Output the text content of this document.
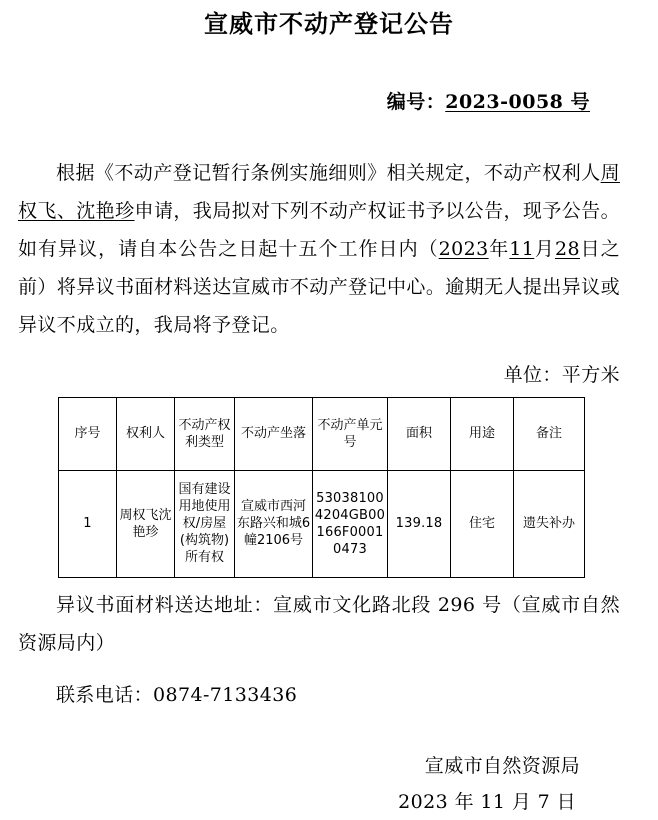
宣威市不动产登记公告

编号：2023-0058 号

根据《不动产登记暂行条例实施细则》相关规定，不动产权利人周权飞、沈艳珍申请，我局拟对下列不动产权证书予以公告，现予公告。如有异议，请自本公告之日起十五个工作日内（2023年11月28日之前）将异议书面材料送达宣威市不动产登记中心。逾期无人提出异议或异议不成立的，我局将予登记。

单位：平方米

序号	权利人	不动产权利类型	不动产坐落	不动产单元号	面积	用途	备注
1	周权飞沈艳珍	国有建设用地使用权/房屋(构筑物)所有权	宣威市西河东路兴和城6幢2106号	530381004204GB00166F00010473	139.18	住宅	遗失补办

异议书面材料送达地址：宣威市文化路北段 296 号（宣威市自然资源局内）

联系电话：0874-7133436

宣威市自然资源局
2023 年 11 月 7 日
